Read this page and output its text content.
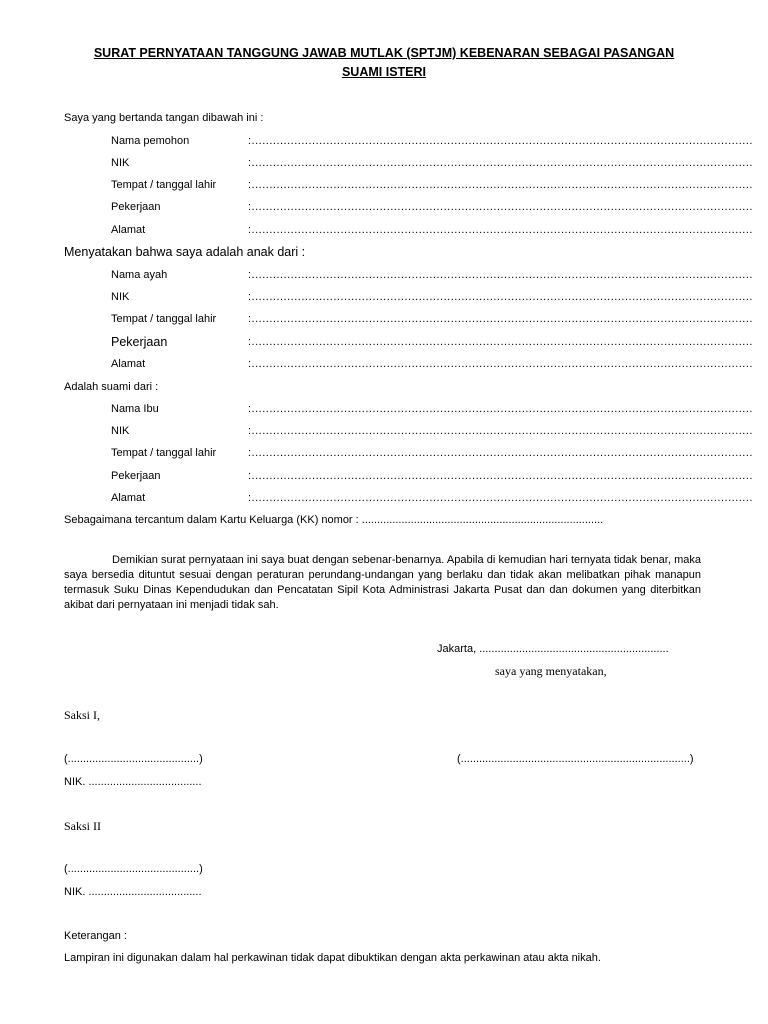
SURAT PERNYATAAN TANGGUNG JAWAB MUTLAK (SPTJM) KEBENARAN SEBAGAI PASANGAN
SUAMI ISTERI
Saya yang bertanda tangan dibawah ini :
Nama pemohon	:.............................................................................................................................................
NIK	:.............................................................................................................................................
Tempat / tanggal lahir	:.............................................................................................................................................
Pekerjaan	:.............................................................................................................................................
Alamat	:.............................................................................................................................................
Menyatakan bahwa saya adalah anak dari :
Nama ayah	:.............................................................................................................................................
NIK	:.............................................................................................................................................
Tempat / tanggal lahir	:.............................................................................................................................................
Pekerjaan	:.............................................................................................................................................
Alamat	:.............................................................................................................................................
Adalah suami dari :
Nama Ibu	:.............................................................................................................................................
NIK	:.............................................................................................................................................
Tempat / tanggal lahir	:.............................................................................................................................................
Pekerjaan	:.............................................................................................................................................
Alamat	:.............................................................................................................................................
Sebagaimana tercantum dalam Kartu Keluarga (KK) nomor : ...............................................................................
Demikian surat pernyataan ini saya buat dengan sebenar-benarnya. Apabila di kemudian hari ternyata tidak benar, maka saya bersedia dituntut sesuai dengan peraturan perundang-undangan yang berlaku dan tidak akan melibatkan pihak manapun termasuk Suku Dinas Kependudukan dan Pencatatan Sipil Kota Administrasi Jakarta Pusat dan dan dokumen yang diterbitkan akibat dari pernyataan ini menjadi tidak sah.
Jakarta, ..............................................................
saya yang menyatakan,
Saksi I,
(...........................................)	(...........................................................................)
NIK. .....................................
Saksi II
(...........................................)
NIK. .....................................
Keterangan :
Lampiran ini digunakan dalam hal perkawinan tidak dapat dibuktikan dengan akta perkawinan atau akta nikah.
